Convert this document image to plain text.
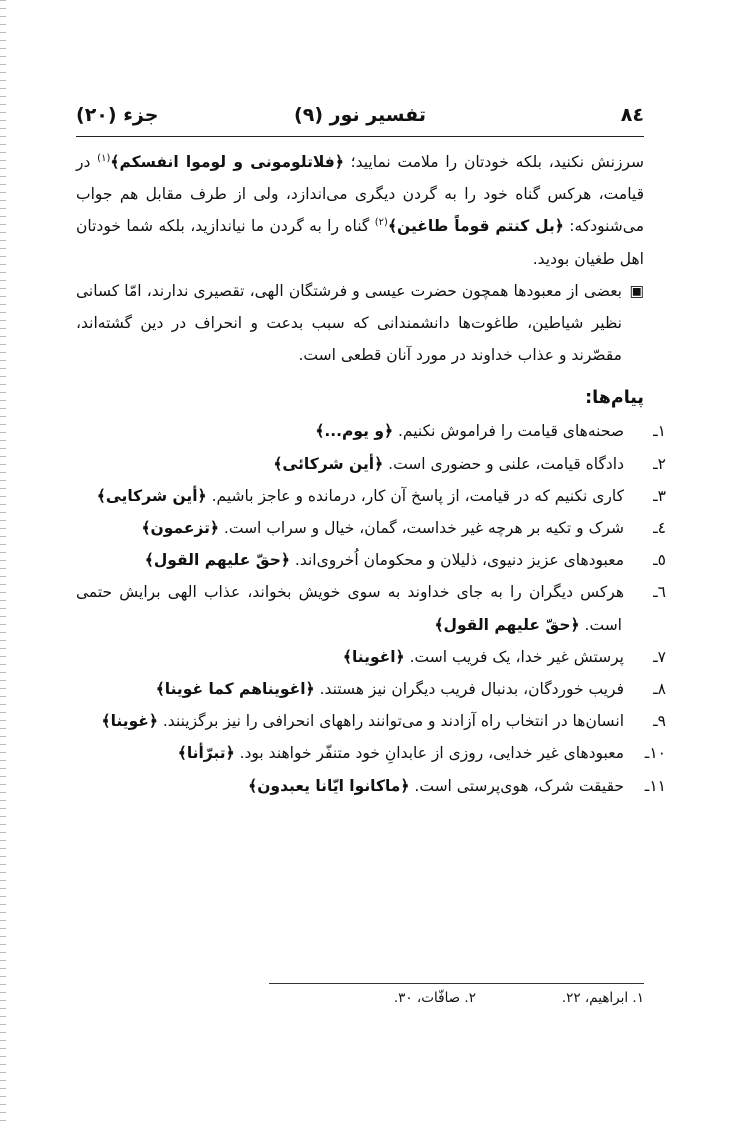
٨٤
تفسیر نور (٩)
جزء (٢٠)

سرزنش نکنید، بلکه خودتان را ملامت نمایید؛ ﴿فلاتلومونی و لوموا انفسکم﴾$^{(١)}$ در قیامت، هرکس گناه خود را به گردن دیگری می‌اندازد، ولی از طرف مقابل هم جواب می‌شنودکه: ﴿بل کنتم قوماً طاغین﴾$^{(٢)}$ گناه را به گردن ما نیاندازید، بلکه شما خودتان اهل طغیان بودید.

▣
بعضی از معبودها همچون حضرت عیسی و فرشتگان الهی، تقصیری ندارند، امّا کسانی نظیر شیاطین، طاغوت‌ها دانشمندانی که سبب بدعت و انحراف در دین گشته‌اند، مقصّرند و عذاب خداوند در مورد آنان قطعی است.

پیام‌ها:

١ـصحنه‌های قیامت را فراموش نکنیم. ﴿و یوم...﴾

٢ـدادگاه قیامت، علنی و حضوری است. ﴿أین شرکائی﴾

٣ـکاری نکنیم که در قیامت، از پاسخ آن کار، درمانده و عاجز باشیم. ﴿أین شرکایی﴾

٤ـشرک و تکیه بر هرچه غیر خداست، گمان، خیال و سراب است. ﴿تزعمون﴾

٥ـمعبودهای عزیز دنیوی، ذلیلان و محکومان اُخروی‌اند. ﴿حقّ علیهم القول﴾

٦ـهرکس دیگران را به جای خداوند به سوی خویش بخواند، عذاب الهی برایش حتمی است. ﴿حقّ علیهم القول﴾

٧ـپرستش غیر خدا، یک فریب است. ﴿اغوینا﴾

٨ـفریب خوردگان، بدنبال فریب دیگران نیز هستند. ﴿اغویناهم کما غوینا﴾

٩ـانسان‌ها در انتخاب راه آزادند و می‌توانند راههای انحرافی را نیز برگزینند. ﴿غوینا﴾

١٠ـمعبودهای غیر خدایی، روزی از عابدانِ خود متنفّر خواهند بود. ﴿تبرّأنا﴾

١١ـحقیقت شرک، هوی‌پرستی است. ﴿ماکانوا ایّانا یعبدون﴾

١. ابراهیم، ٢٢.
٢. صافّات، ٣٠.
